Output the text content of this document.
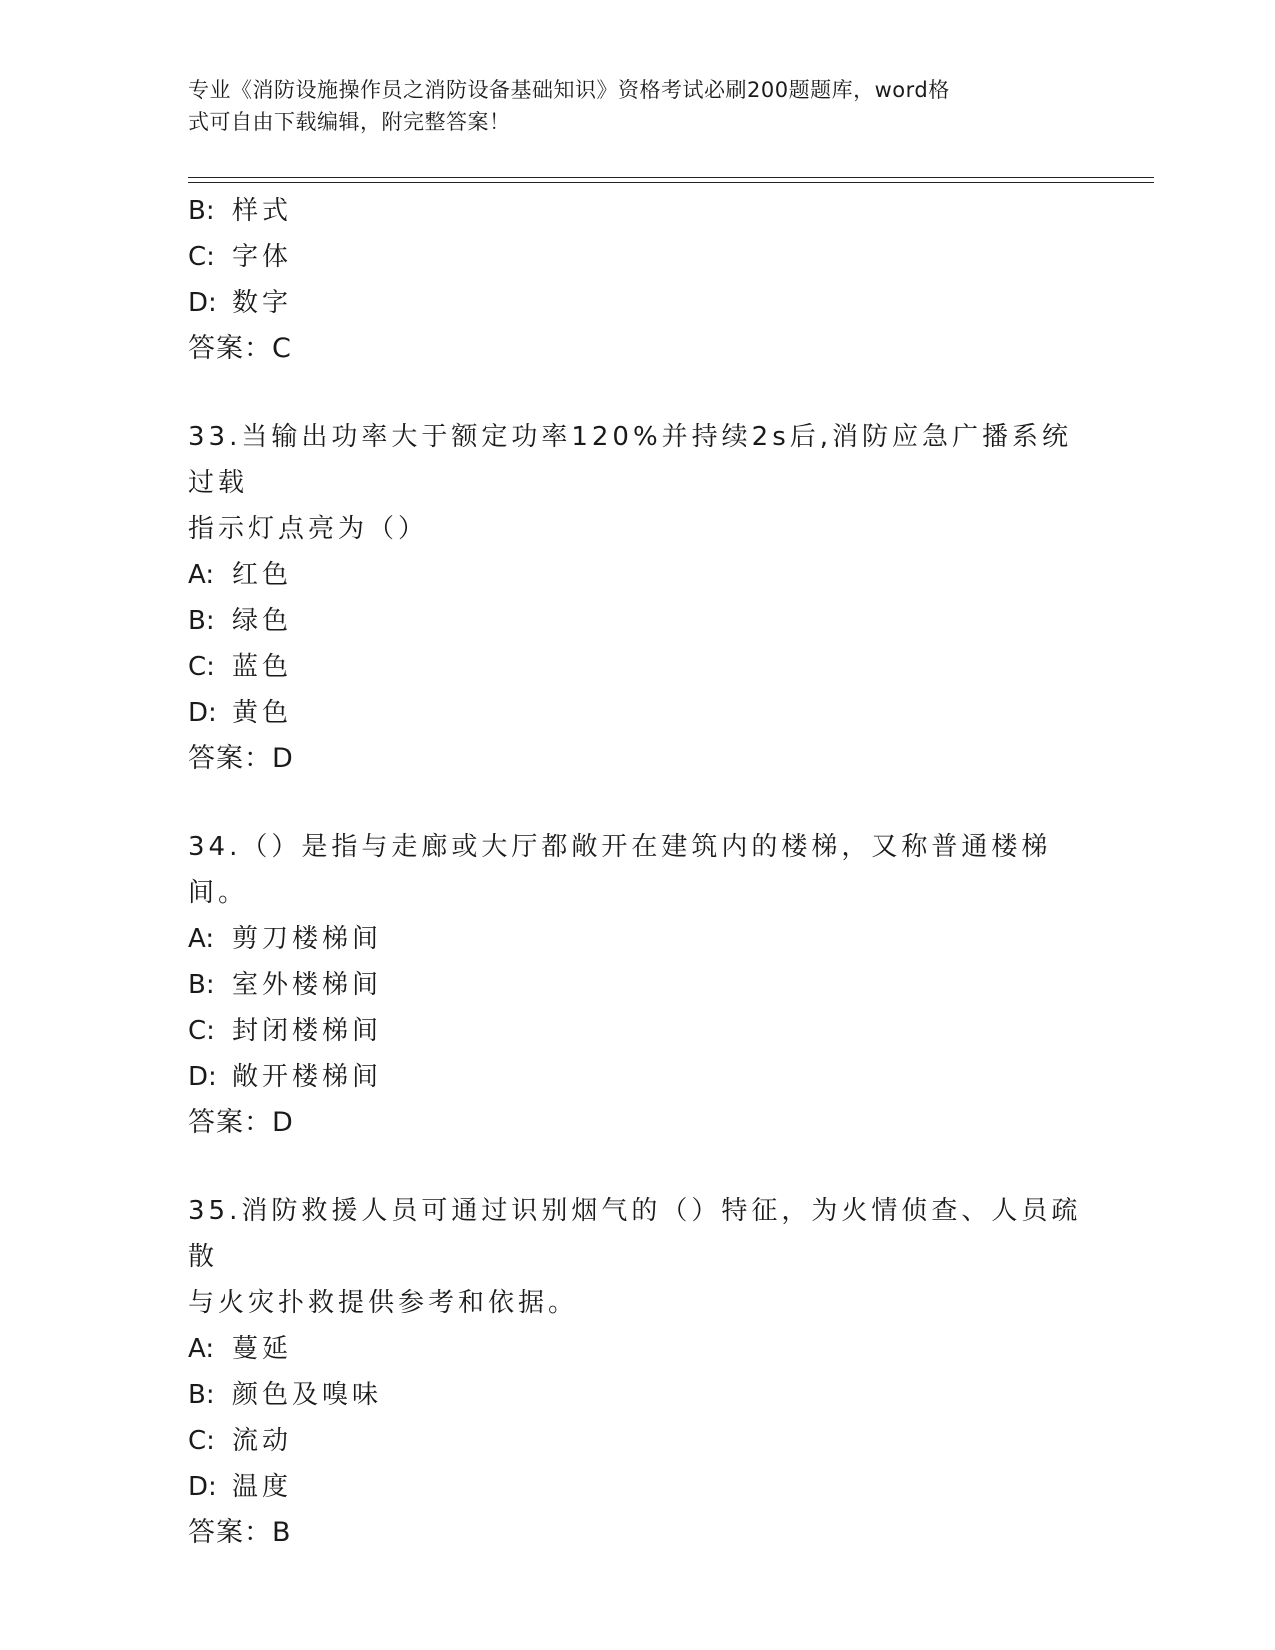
专业《消防设施操作员之消防设备基础知识》资格考试必刷200题题库，word格
式可自由下载编辑，附完整答案！
B: 样式
C: 字体
D: 数字
答案：C
33.当输出功率大于额定功率120%并持续2s后,消防应急广播系统过载
指示灯点亮为（）
A: 红色
B: 绿色
C: 蓝色
D: 黄色
答案：D
34.（）是指与走廊或大厅都敞开在建筑内的楼梯，又称普通楼梯间。
A: 剪刀楼梯间
B: 室外楼梯间
C: 封闭楼梯间
D: 敞开楼梯间
答案：D
35.消防救援人员可通过识别烟气的（）特征，为火情侦查、人员疏散
与火灾扑救提供参考和依据。
A: 蔓延
B: 颜色及嗅味
C: 流动
D: 温度
答案：B
